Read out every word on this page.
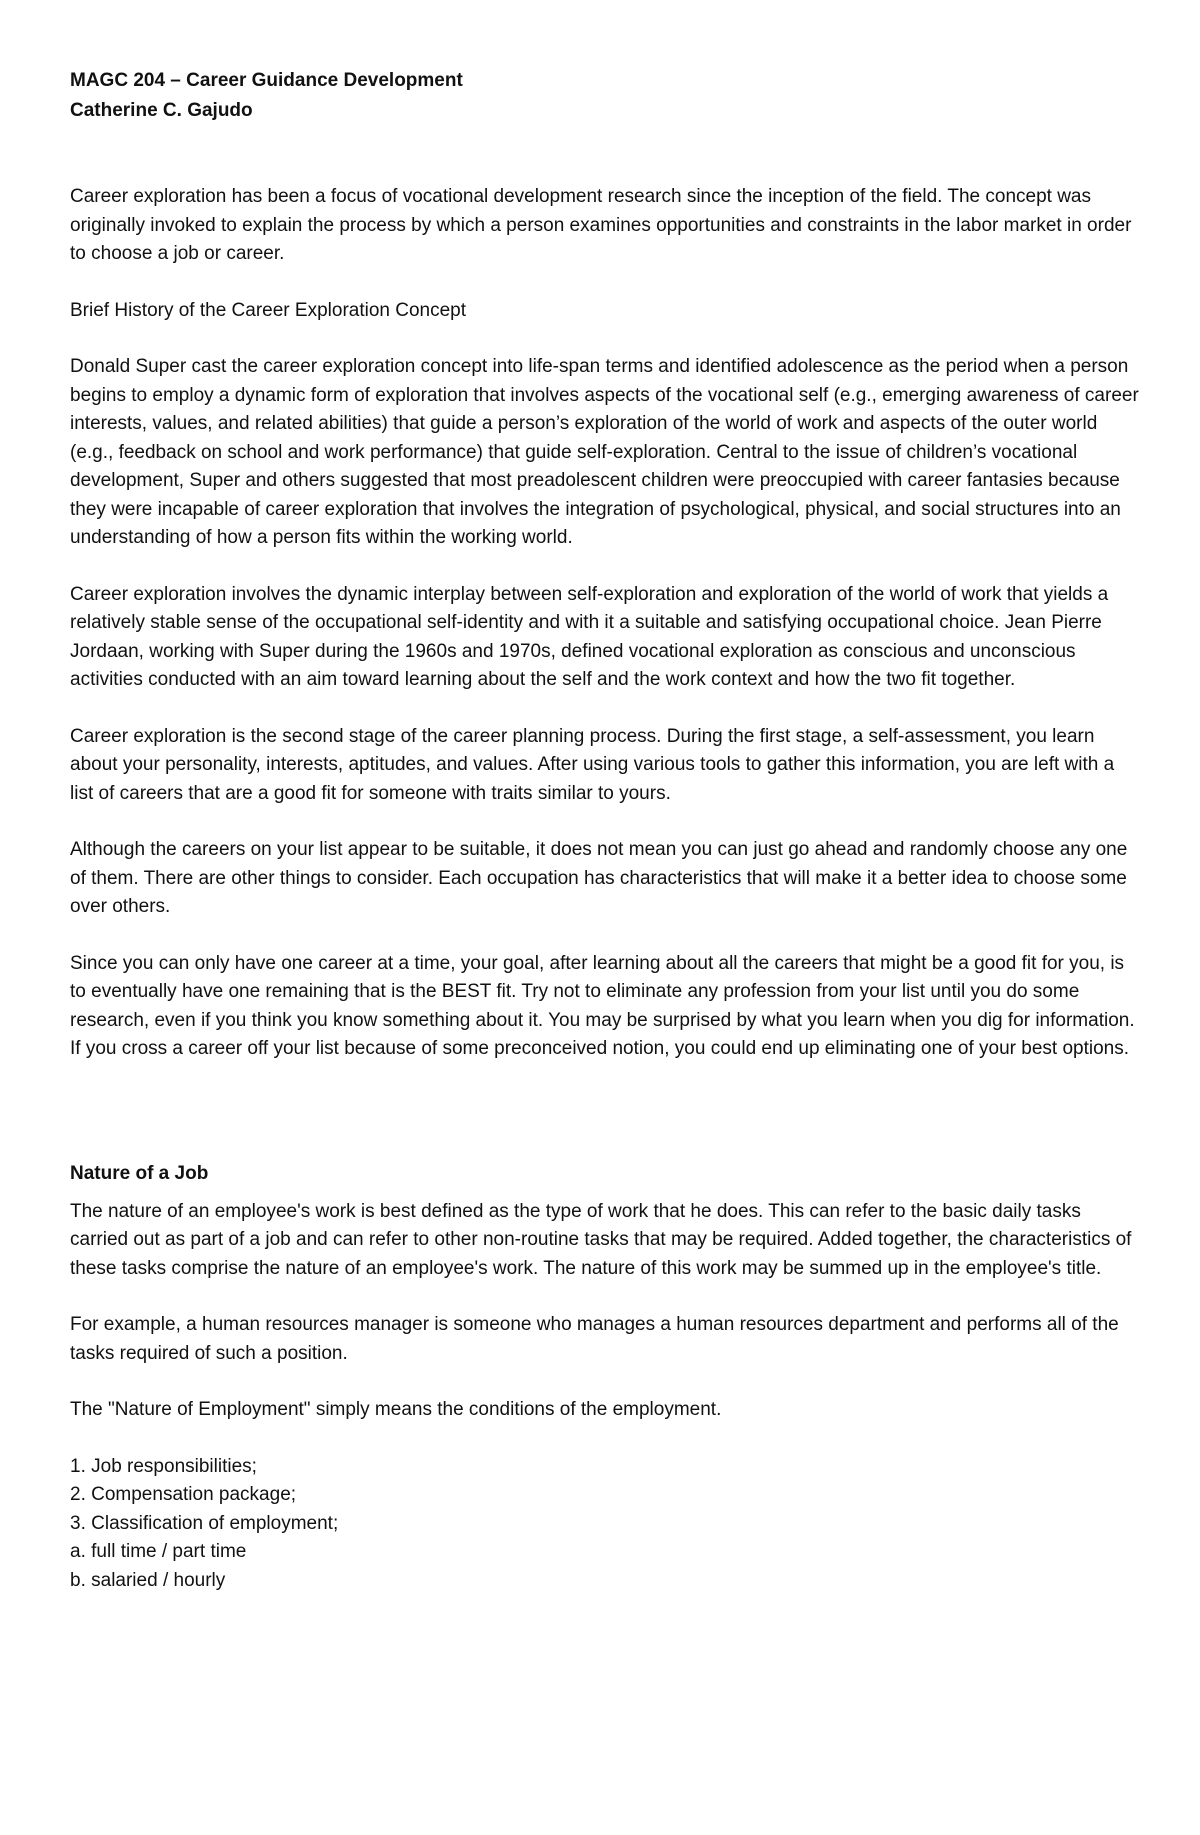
MAGC 204 – Career Guidance Development
Catherine C. Gajudo

Career exploration has been a focus of vocational development research since the inception of the field. The concept was originally invoked to explain the process by which a person examines opportunities and constraints in the labor market in order to choose a job or career.

Brief History of the Career Exploration Concept

Donald Super cast the career exploration concept into life-span terms and identified adolescence as the period when a person begins to employ a dynamic form of exploration that involves aspects of the vocational self (e.g., emerging awareness of career interests, values, and related abilities) that guide a person’s exploration of the world of work and aspects of the outer world (e.g., feedback on school and work performance) that guide self-exploration. Central to the issue of children’s vocational development, Super and others suggested that most preadolescent children were preoccupied with career fantasies because they were incapable of career exploration that involves the integration of psychological, physical, and social structures into an understanding of how a person fits within the working world.

Career exploration involves the dynamic interplay between self-exploration and exploration of the world of work that yields a relatively stable sense of the occupational self-identity and with it a suitable and satisfying occupational choice. Jean Pierre Jordaan, working with Super during the 1960s and 1970s, defined vocational exploration as conscious and unconscious activities conducted with an aim toward learning about the self and the work context and how the two fit together.

Career exploration is the second stage of the career planning process. During the first stage, a self-assessment, you learn about your personality, interests, aptitudes, and values. After using various tools to gather this information, you are left with a list of careers that are a good fit for someone with traits similar to yours.

Although the careers on your list appear to be suitable, it does not mean you can just go ahead and randomly choose any one of them. There are other things to consider. Each occupation has characteristics that will make it a better idea to choose some over others.

Since you can only have one career at a time, your goal, after learning about all the careers that might be a good fit for you, is to eventually have one remaining that is the BEST fit. Try not to eliminate any profession from your list until you do some research, even if you think you know something about it. You may be surprised by what you learn when you dig for information. If you cross a career off your list because of some preconceived notion, you could end up eliminating one of your best options.

Nature of a Job

The nature of an employee's work is best defined as the type of work that he does. This can refer to the basic daily tasks carried out as part of a job and can refer to other non-routine tasks that may be required. Added together, the characteristics of these tasks comprise the nature of an employee's work. The nature of this work may be summed up in the employee's title.

For example, a human resources manager is someone who manages a human resources department and performs all of the tasks required of such a position.

The "Nature of Employment" simply means the conditions of the employment.

1. Job responsibilities;
2. Compensation package;
3. Classification of employment;
a. full time / part time
b. salaried / hourly
